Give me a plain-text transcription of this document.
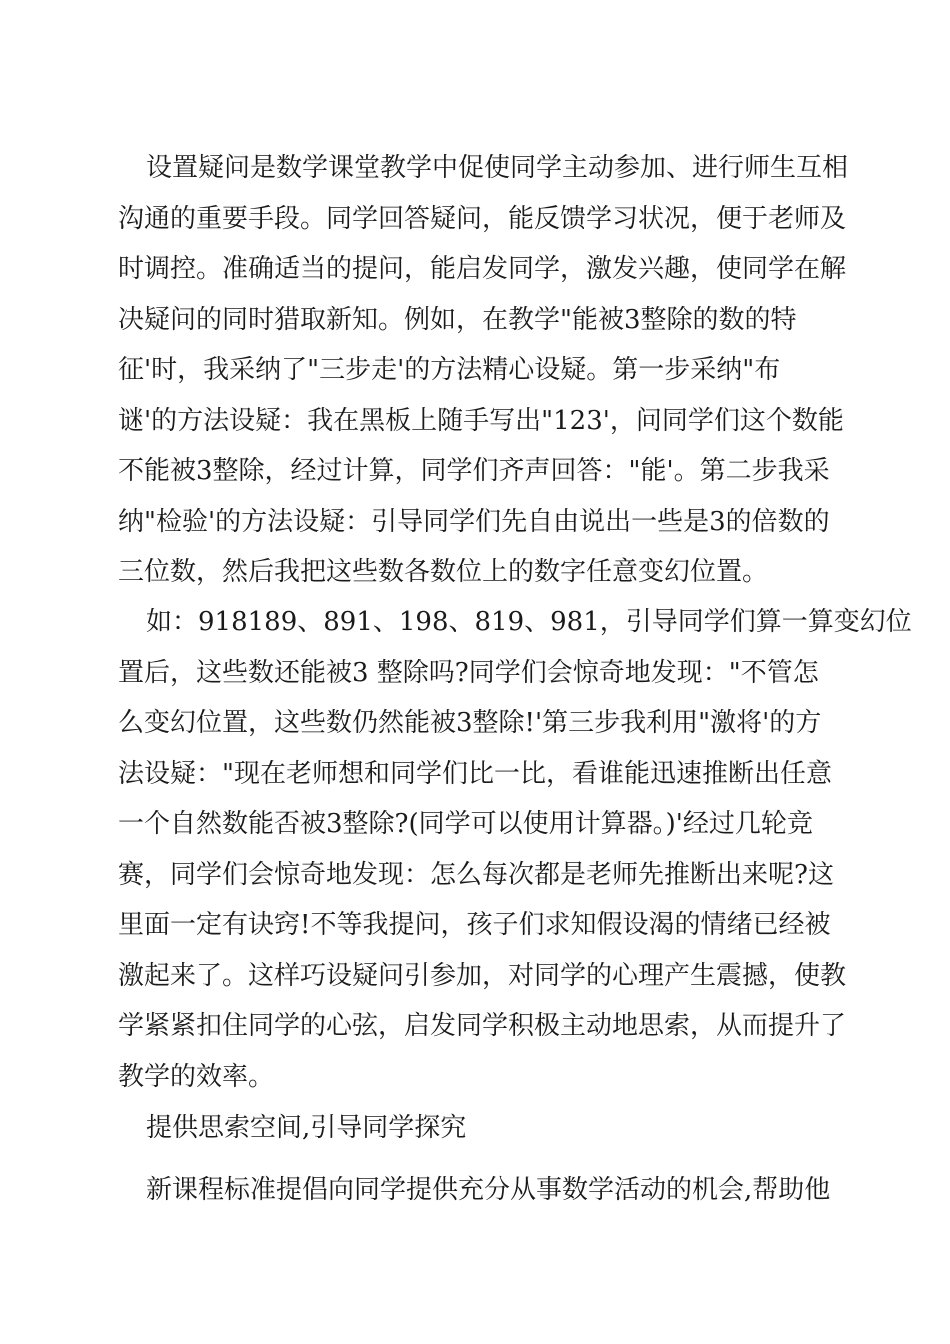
设置疑问是数学课堂教学中促使同学主动参加、进行师生互相
沟通的重要手段。同学回答疑问，能反馈学习状况，便于老师及
时调控。准确适当的提问，能启发同学，激发兴趣，使同学在解
决疑问的同时猎取新知。例如，在教学"能被3整除的数的特
征'时，我采纳了"三步走'的方法精心设疑。第一步采纳"布
谜'的方法设疑：我在黑板上随手写出"123'，问同学们这个数能
不能被3整除，经过计算，同学们齐声回答："能'。第二步我采
纳"检验'的方法设疑：引导同学们先自由说出一些是3的倍数的
三位数，然后我把这些数各数位上的数字任意变幻位置。
如：918189、891、198、819、981，引导同学们算一算变幻位
置后，这些数还能被3 整除吗?同学们会惊奇地发现："不管怎
么变幻位置，这些数仍然能被3整除!'第三步我利用"激将'的方
法设疑："现在老师想和同学们比一比，看谁能迅速推断出任意
一个自然数能否被3整除?(同学可以使用计算器。)'经过几轮竞
赛，同学们会惊奇地发现：怎么每次都是老师先推断出来呢?这
里面一定有诀窍!不等我提问，孩子们求知假设渴的情绪已经被
激起来了。这样巧设疑问引参加，对同学的心理产生震撼，使教
学紧紧扣住同学的心弦，启发同学积极主动地思索，从而提升了
教学的效率。
提供思索空间,引导同学探究
新课程标准提倡向同学提供充分从事数学活动的机会,帮助他
